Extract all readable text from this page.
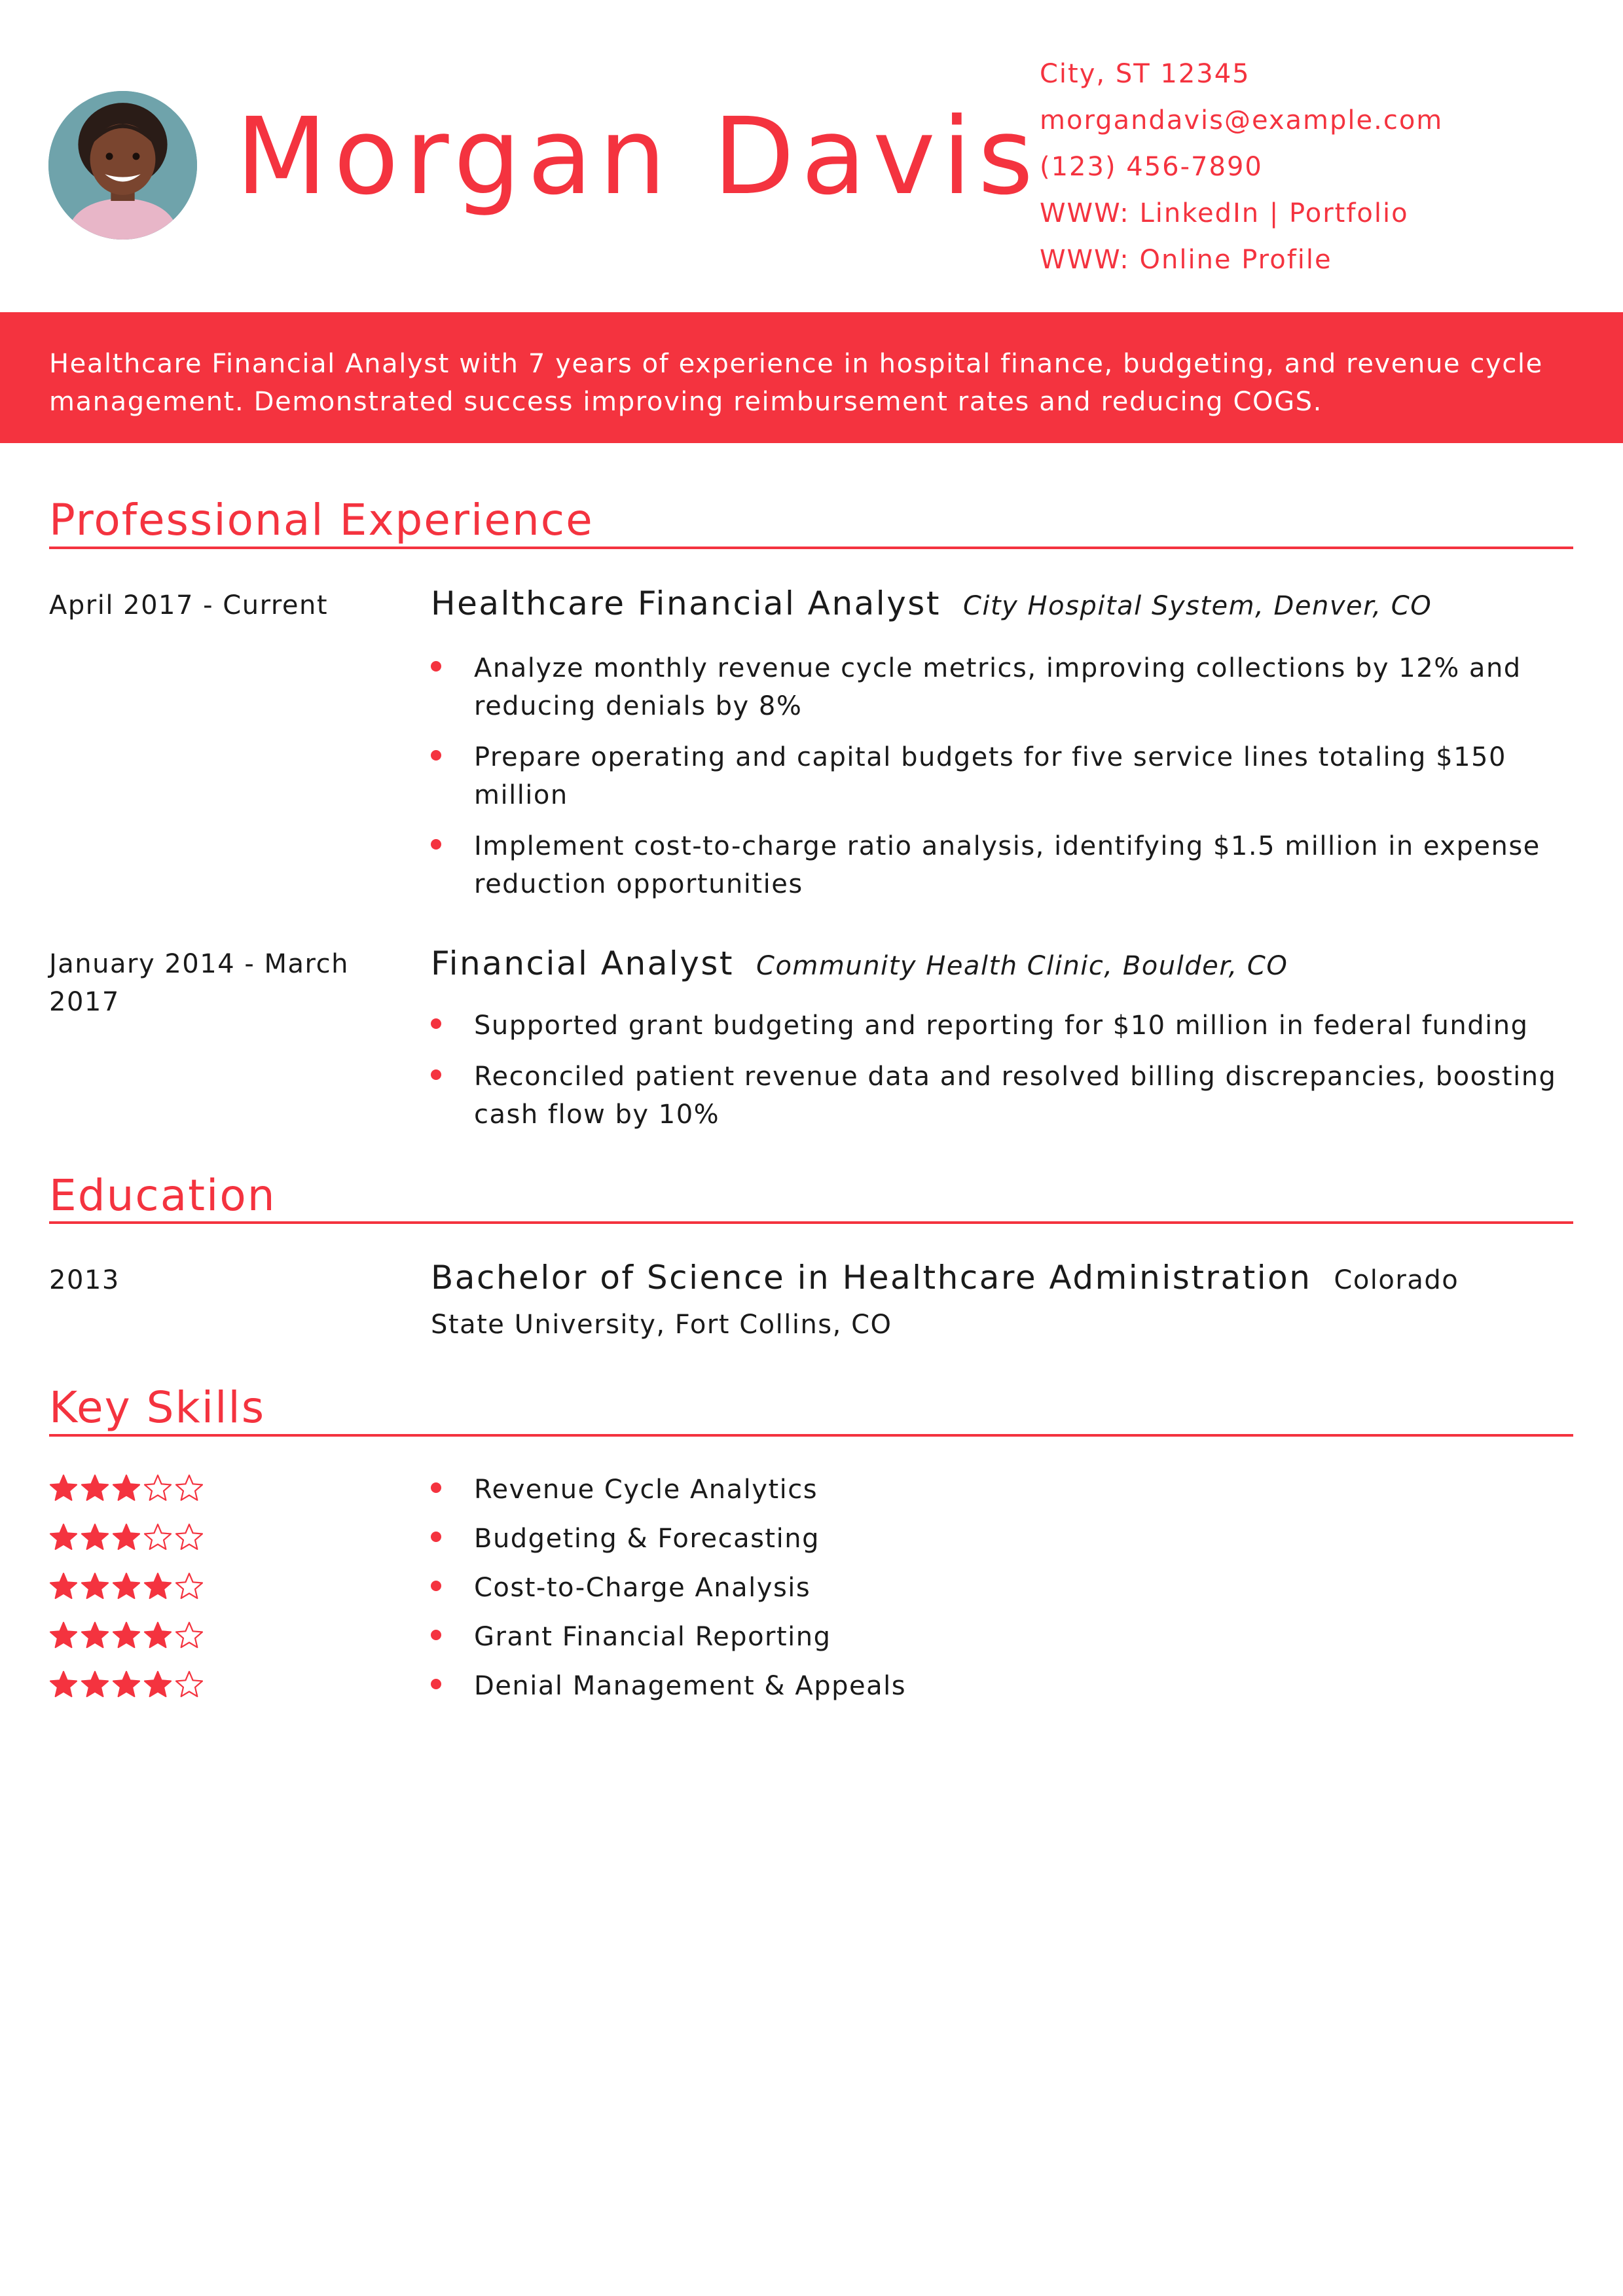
Morgan Davis
City, ST 12345
morgandavis@example.com
(123) 456-7890
WWW: LinkedIn | Portfolio
WWW: Online Profile

Healthcare Financial Analyst with 7 years of experience in hospital finance, budgeting, and revenue cycle management. Demonstrated success improving reimbursement rates and reducing COGS.

Professional Experience
April 2017 - Current	Healthcare Financial Analyst City Hospital System, Denver, CO
Analyze monthly revenue cycle metrics, improving collections by 12% and reducing denials by 8%
Prepare operating and capital budgets for five service lines totaling $150 million
Implement cost-to-charge ratio analysis, identifying $1.5 million in expense reduction opportunities
January 2014 - March 2017
Financial Analyst Community Health Clinic, Boulder, CO
Supported grant budgeting and reporting for $10 million in federal funding
Reconciled patient revenue data and resolved billing discrepancies, boosting cash flow by 10%
Education
2013	Bachelor of Science in Healthcare Administration Colorado State University, Fort Collins, CO
Key Skills
Revenue Cycle Analytics
Budgeting & Forecasting
Cost-to-Charge Analysis
Grant Financial Reporting
Denial Management & Appeals
